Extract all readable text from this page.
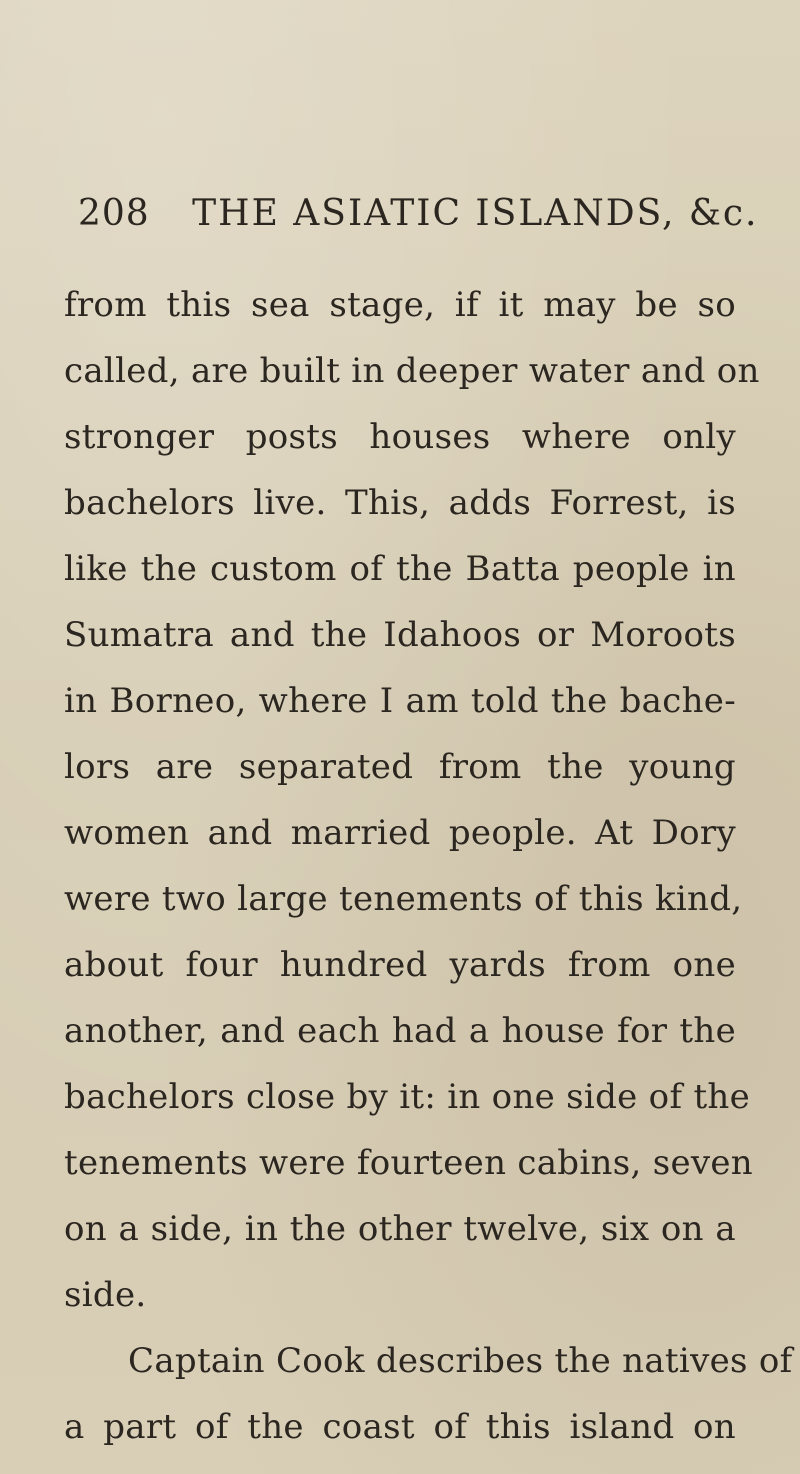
208 THE ASIATIC ISLANDS, &c.
from this sea stage, if it may be so
called, are built in deeper water and on
stronger posts houses where only
bachelors live. This, adds Forrest, is
like the custom of the Batta people in
Sumatra and the Idahoos or Moroots
in Borneo, where I am told the bache-
lors are separated from the young
women and married people. At Dory
were two large tenements of this kind,
about four hundred yards from one
another, and each had a house for the
bachelors close by it: in one side of the
tenements were fourteen cabins, seven
on a side, in the other twelve, six on a
side.
Captain Cook describes the natives of
a part of the coast of this island on
